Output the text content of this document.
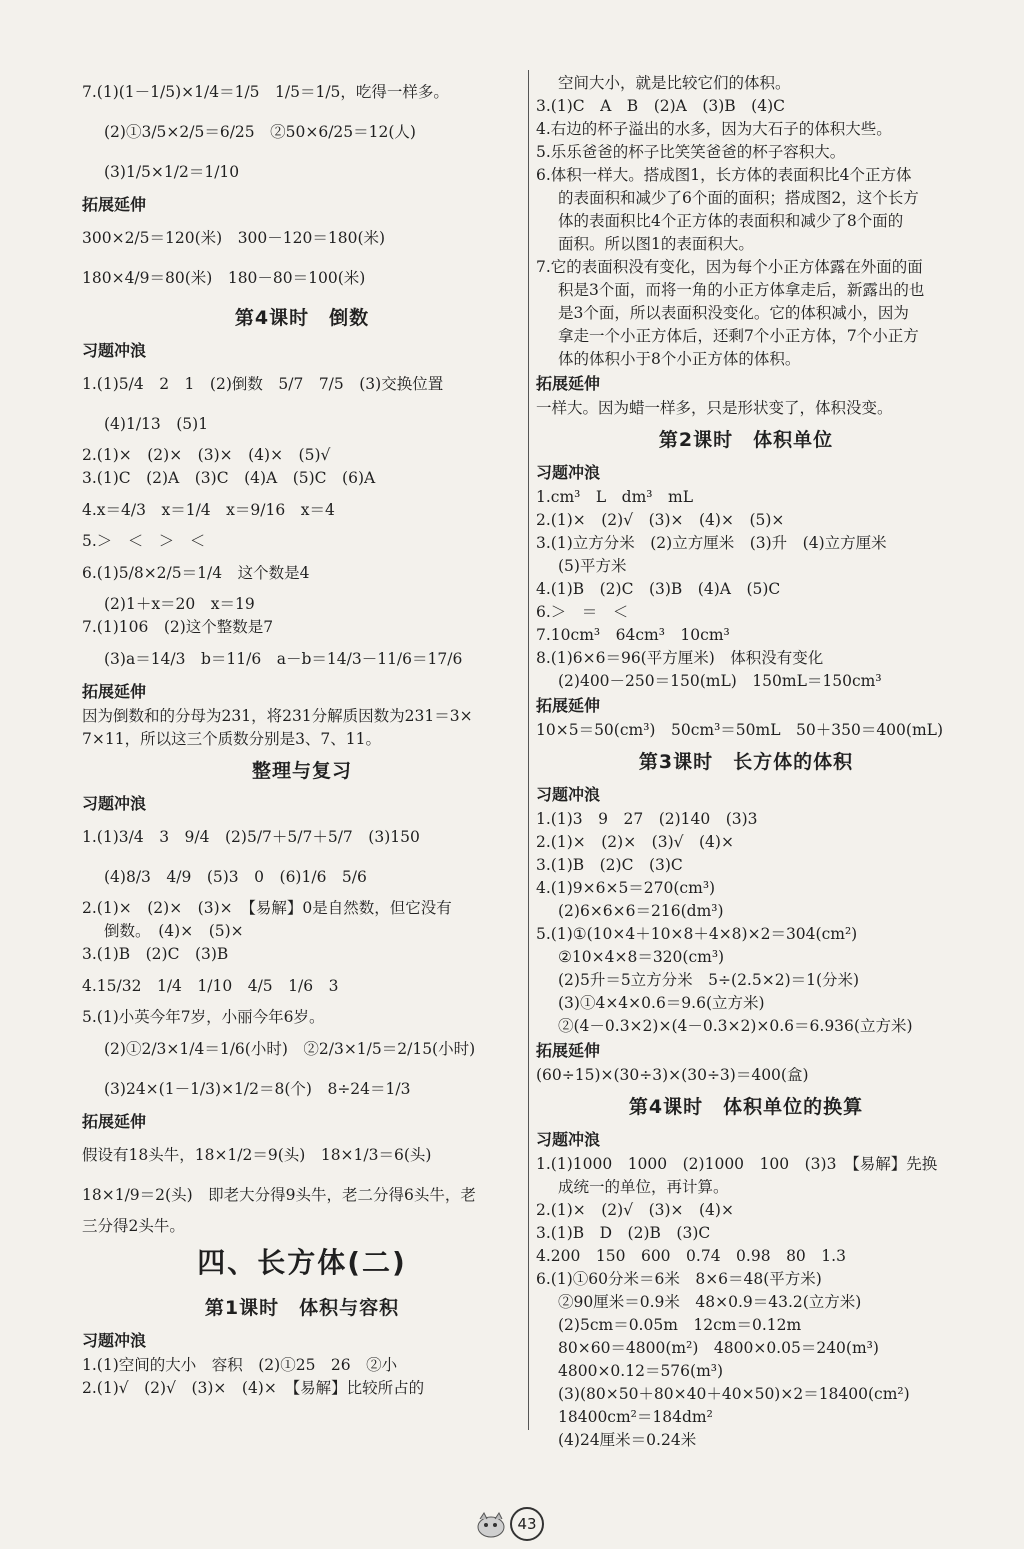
7.(1)(1－1/5)×1/4＝1/5　1/5＝1/5，吃得一样多。
(2)①3/5×2/5＝6/25　②50×6/25＝12(人)
(3)1/5×1/2＝1/10
拓展延伸
300×2/5＝120(米)　300－120＝180(米)
180×4/9＝80(米)　180－80＝100(米)
第4课时　倒数
习题冲浪
1.(1)5/4　2　1　(2)倒数　5/7　7/5　(3)交换位置
(4)1/13　(5)1
2.(1)×　(2)×　(3)×　(4)×　(5)√
3.(1)C　(2)A　(3)C　(4)A　(5)C　(6)A
4.x＝4/3　x＝1/4　x＝9/16　x＝4
5.＞　＜　＞　＜
6.(1)5/8×2/5＝1/4　这个数是4
(2)1＋x＝20　x＝19
7.(1)106　(2)这个整数是7
(3)a＝14/3　b＝11/6　a－b＝14/3－11/6＝17/6
拓展延伸
因为倒数和的分母为231，将231分解质因数为231＝3×
7×11，所以这三个质数分别是3、7、11。
整理与复习
习题冲浪
1.(1)3/4　3　9/4　(2)5/7＋5/7＋5/7　(3)150
(4)8/3　4/9　(5)3　0　(6)1/6　5/6
2.(1)×　(2)×　(3)×　【易解】0是自然数，但它没有
倒数。　(4)×　(5)×
3.(1)B　(2)C　(3)B
4.15/32　1/4　1/10　4/5　1/6　3
5.(1)小英今年7岁，小丽今年6岁。
(2)①2/3×1/4＝1/6(小时)　②2/3×1/5＝2/15(小时)
(3)24×(1－1/3)×1/2＝8(个)　8÷24＝1/3
拓展延伸
假设有18头牛，18×1/2＝9(头)　18×1/3＝6(头)
18×1/9＝2(头)　即老大分得9头牛，老二分得6头牛，老
三分得2头牛。
四、长方体(二)
第1课时　体积与容积
习题冲浪
1.(1)空间的大小　容积　(2)①25　26　②小
2.(1)√　(2)√　(3)×　(4)×　【易解】比较所占的
空间大小，就是比较它们的体积。
3.(1)C　A　B　(2)A　(3)B　(4)C
4.右边的杯子溢出的水多，因为大石子的体积大些。
5.乐乐爸爸的杯子比笑笑爸爸的杯子容积大。
6.体积一样大。搭成图1，长方体的表面积比4个正方体
的表面积和减少了6个面的面积；搭成图2，这个长方
体的表面积比4个正方体的表面积和减少了8个面的
面积。所以图1的表面积大。
7.它的表面积没有变化，因为每个小正方体露在外面的面
积是3个面，而将一角的小正方体拿走后，新露出的也
是3个面，所以表面积没变化。它的体积减小，因为
拿走一个小正方体后，还剩7个小正方体，7个小正方
体的体积小于8个小正方体的体积。
拓展延伸
一样大。因为蜡一样多，只是形状变了，体积没变。
第2课时　体积单位
习题冲浪
1.cm³　L　dm³　mL
2.(1)×　(2)√　(3)×　(4)×　(5)×
3.(1)立方分米　(2)立方厘米　(3)升　(4)立方厘米
(5)平方米
4.(1)B　(2)C　(3)B　(4)A　(5)C
6.＞　＝　＜
7.10cm³　64cm³　10cm³
8.(1)6×6＝96(平方厘米)　体积没有变化
(2)400－250＝150(mL)　150mL＝150cm³
拓展延伸
10×5＝50(cm³)　50cm³＝50mL　50＋350＝400(mL)
第3课时　长方体的体积
习题冲浪
1.(1)3　9　27　(2)140　(3)3
2.(1)×　(2)×　(3)√　(4)×
3.(1)B　(2)C　(3)C
4.(1)9×6×5＝270(cm³)
(2)6×6×6＝216(dm³)
5.(1)①(10×4＋10×8＋4×8)×2＝304(cm²)
②10×4×8＝320(cm³)
(2)5升＝5立方分米　5÷(2.5×2)＝1(分米)
(3)①4×4×0.6＝9.6(立方米)
②(4－0.3×2)×(4－0.3×2)×0.6＝6.936(立方米)
拓展延伸
(60÷15)×(30÷3)×(30÷3)＝400(盒)
第4课时　体积单位的换算
习题冲浪
1.(1)1000　1000　(2)1000　100　(3)3　【易解】先换
成统一的单位，再计算。
2.(1)×　(2)√　(3)×　(4)×
3.(1)B　D　(2)B　(3)C
4.200　150　600　0.74　0.98　80　1.3
6.(1)①60分米＝6米　8×6＝48(平方米)
②90厘米＝0.9米　48×0.9＝43.2(立方米)
(2)5cm＝0.05m　12cm＝0.12m
80×60＝4800(m²)　4800×0.05＝240(m³)
4800×0.12＝576(m³)
(3)(80×50＋80×40＋40×50)×2＝18400(cm²)
18400cm²＝184dm²
(4)24厘米＝0.24米
43
